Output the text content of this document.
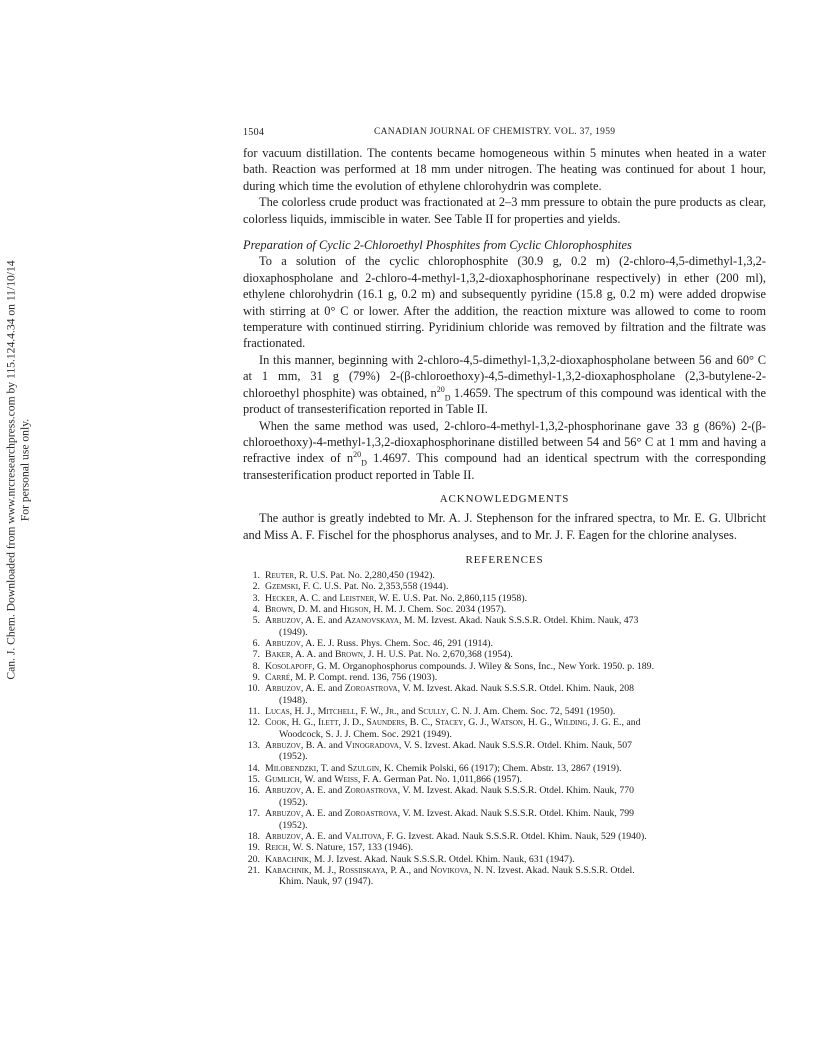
Can. J. Chem. Downloaded from www.nrcresearchpress.com by 115.124.4.34 on 11/10/14 For personal use only.
1504	CANADIAN JOURNAL OF CHEMISTRY. VOL. 37, 1959

for vacuum distillation. The contents became homogeneous within 5 minutes when heated in a water bath. Reaction was performed at 18 mm under nitrogen. The heating was continued for about 1 hour, during which time the evolution of ethylene chlorohydrin was complete.

The colorless crude product was fractionated at 2–3 mm pressure to obtain the pure products as clear, colorless liquids, immiscible in water. See Table II for properties and yields.

Preparation of Cyclic 2-Chloroethyl Phosphites from Cyclic Chlorophosphites

To a solution of the cyclic chlorophosphite (30.9 g, 0.2 m) (2-chloro-4,5-dimethyl-1,3,2-dioxaphospholane and 2-chloro-4-methyl-1,3,2-dioxaphosphorinane respectively) in ether (200 ml), ethylene chlorohydrin (16.1 g, 0.2 m) and subsequently pyridine (15.8 g, 0.2 m) were added dropwise with stirring at 0° C or lower. After the addition, the reaction mixture was allowed to come to room temperature with continued stirring. Pyridinium chloride was removed by filtration and the filtrate was fractionated.

In this manner, beginning with 2-chloro-4,5-dimethyl-1,3,2-dioxaphospholane between 56 and 60° C at 1 mm, 31 g (79%) 2-(β-chloroethoxy)-4,5-dimethyl-1,3,2-dioxaphospholane (2,3-butylene-2-chloroethyl phosphite) was obtained, $n^{20}_D$ 1.4659. The spectrum of this compound was identical with the product of transesterification reported in Table II.

When the same method was used, 2-chloro-4-methyl-1,3,2-phosphorinane gave 33 g (86%) 2-(β-chloroethoxy)-4-methyl-1,3,2-dioxaphosphorinane distilled between 54 and 56° C at 1 mm and having a refractive index of $n^{20}_D$ 1.4697. This compound had an identical spectrum with the corresponding transesterification product reported in Table II.

ACKNOWLEDGMENTS

The author is greatly indebted to Mr. A. J. Stephenson for the infrared spectra, to Mr. E. G. Ulbricht and Miss A. F. Fischel for the phosphorus analyses, and to Mr. J. F. Eagen for the chlorine analyses.

REFERENCES
1. Reuter, R. U.S. Pat. No. 2,280,450 (1942).
2. Gzemski, F. C. U.S. Pat. No. 2,353,558 (1944).
3. Hecker, A. C. and Leistner, W. E. U.S. Pat. No. 2,860,115 (1958).
4. Brown, D. M. and Higson, H. M. J. Chem. Soc. 2034 (1957).
5. Arbuzov, A. E. and Azanovskaya, M. M. Izvest. Akad. Nauk S.S.S.R. Otdel. Khim. Nauk, 473
(1949).
6. Arbuzov, A. E. J. Russ. Phys. Chem. Soc. 46, 291 (1914).
7. Baker, A. A. and Brown, J. H. U.S. Pat. No. 2,670,368 (1954).
8. Kosolapoff, G. M. Organophosphorus compounds. J. Wiley & Sons, Inc., New York. 1950. p. 189.
9. Carré, M. P. Compt. rend. 136, 756 (1903).
10. Arbuzov, A. E. and Zoroastrova, V. M. Izvest. Akad. Nauk S.S.S.R. Otdel. Khim. Nauk, 208
(1948).
11. Lucas, H. J., Mitchell, F. W., Jr., and Scully, C. N. J. Am. Chem. Soc. 72, 5491 (1950).
12. Cook, H. G., Ilett, J. D., Saunders, B. C., Stacey, G. J., Watson, H. G., Wilding, J. G. E., and
Woodcock, S. J. J. Chem. Soc. 2921 (1949).
13. Arbuzov, B. A. and Vinogradova, V. S. Izvest. Akad. Nauk S.S.S.R. Otdel. Khim. Nauk, 507
(1952).
14. Milobendzki, T. and Szulgin, K. Chemik Polski, 66 (1917); Chem. Abstr. 13, 2867 (1919).
15. Gumlich, W. and Weiss, F. A. German Pat. No. 1,011,866 (1957).
16. Arbuzov, A. E. and Zoroastrova, V. M. Izvest. Akad. Nauk S.S.S.R. Otdel. Khim. Nauk, 770
(1952).
17. Arbuzov, A. E. and Zoroastrova, V. M. Izvest. Akad. Nauk S.S.S.R. Otdel. Khim. Nauk, 799
(1952).
18. Arbuzov, A. E. and Valitova, F. G. Izvest. Akad. Nauk S.S.S.R. Otdel. Khim. Nauk, 529 (1940).
19. Reich, W. S. Nature, 157, 133 (1946).
20. Kabachnik, M. J. Izvest. Akad. Nauk S.S.S.R. Otdel. Khim. Nauk, 631 (1947).
21. Kabachnik, M. J., Rossiiskaya, P. A., and Novikova, N. N. Izvest. Akad. Nauk S.S.S.R. Otdel.
Khim. Nauk, 97 (1947).
